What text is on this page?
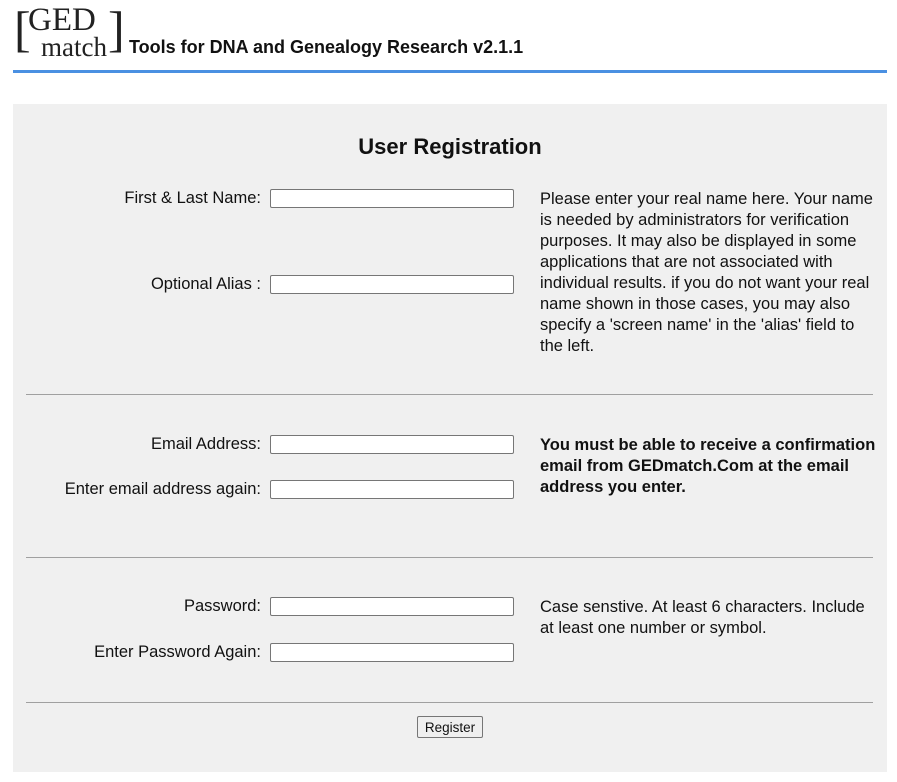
[
GED
match ] Tools for DNA and Genealogy Research v2.1.1
User Registration
First & Last Name:
Optional Alias :
Please enter your real name here. Your name is needed by administrators for verification purposes. It may also be displayed in some applications that are not associated with individual results. if you do not want your real name shown in those cases, you may also specify a 'screen name' in the 'alias' field to the left.
Email Address:
Enter email address again:
You must be able to receive a confirmation email from GEDmatch.Com at the email address you enter.
Password:
Enter Password Again:
Case senstive. At least 6 characters. Include at least one number or symbol.
Register
